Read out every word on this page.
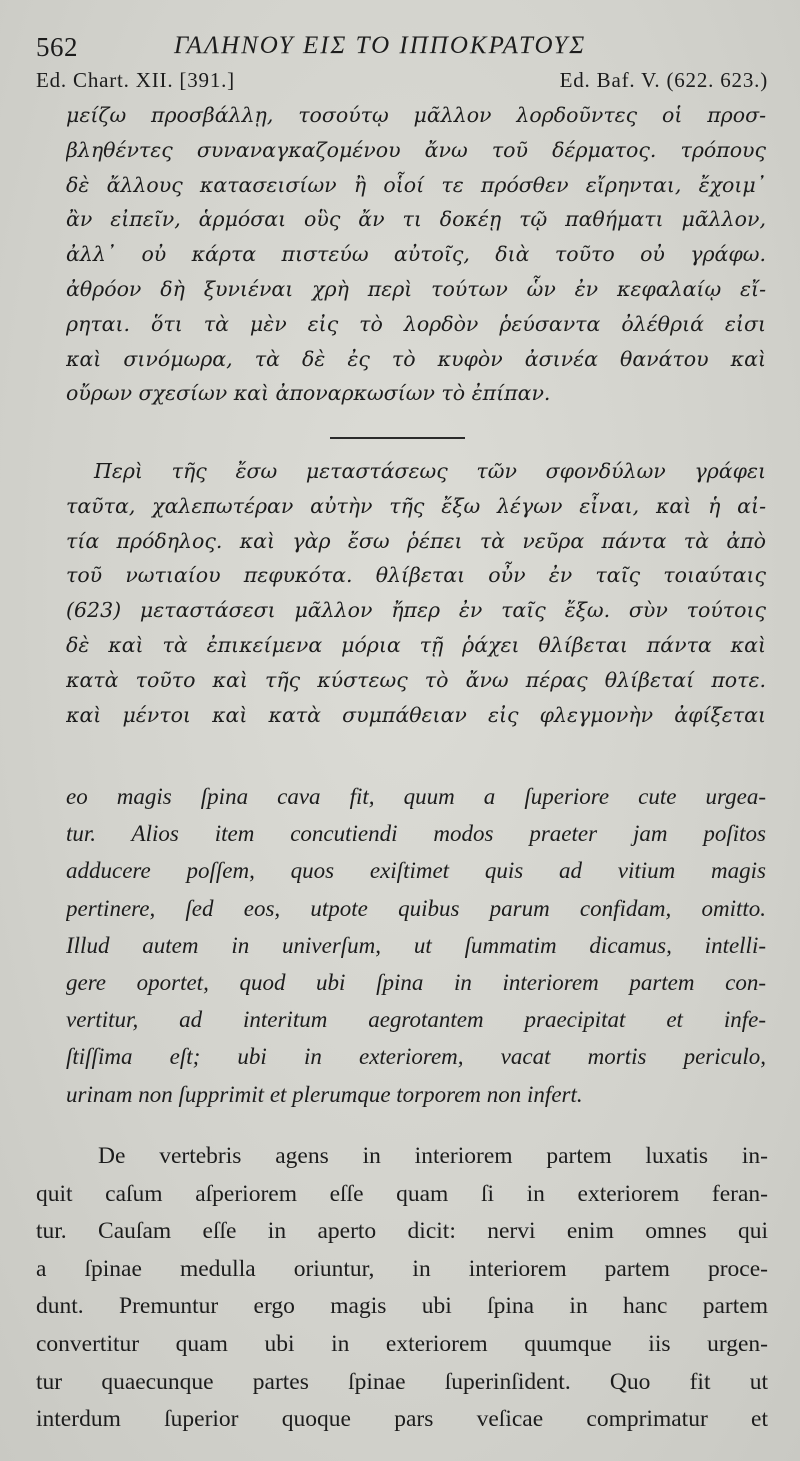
562	ΓΑΛΗΝΟΥ ΕΙΣ ΤΟ ΙΠΠΟΚΡΑΤΟΥΣ
Ed. Chart. XII. [391.]	Ed. Baf. V. (622. 623.)
μείζω προσβάλλῃ, τοσούτῳ μᾶλλον λορδοῦντες οἱ προσ-
βληθέντες συναναγκαζομένου ἄνω τοῦ δέρματος. τρόπους
δὲ ἄλλους κατασεισίων ἢ οἷοί τε πρόσθεν εἴρηνται, ἔχοιμ᾽
ἂν εἰπεῖν, ἁρμόσαι οὓς ἄν τι δοκέῃ τῷ παθήματι μᾶλλον,
ἀλλ᾽ οὐ κάρτα πιστεύω αὐτοῖς, διὰ τοῦτο οὐ γράφω.
ἀθρόον δὴ ξυνιέναι χρὴ περὶ τούτων ὧν ἐν κεφαλαίῳ εἴ-
ρηται. ὅτι τὰ μὲν εἰς τὸ λορδὸν ῥεύσαντα ὀλέθριά εἰσι
καὶ σινόμωρα, τὰ δὲ ἐς τὸ κυφὸν ἀσινέα θανάτου καὶ
οὔρων σχεσίων καὶ ἀποναρκωσίων τὸ ἐπίπαν.
Περὶ τῆς ἔσω μεταστάσεως τῶν σφονδύλων γράφει
ταῦτα, χαλεπωτέραν αὐτὴν τῆς ἔξω λέγων εἶναι, καὶ ἡ αἰ-
τία πρόδηλος. καὶ γὰρ ἔσω ῥέπει τὰ νεῦρα πάντα τὰ ἀπὸ
τοῦ νωτιαίου πεφυκότα. θλίβεται οὖν ἐν ταῖς τοιαύταις
(623) μεταστάσεσι μᾶλλον ἤπερ ἐν ταῖς ἔξω. σὺν τούτοις
δὲ καὶ τὰ ἐπικείμενα μόρια τῇ ῥάχει θλίβεται πάντα καὶ
κατὰ τοῦτο καὶ τῆς κύστεως τὸ ἄνω πέρας θλίβεταί ποτε.
καὶ μέντοι καὶ κατὰ συμπάθειαν εἰς φλεγμονὴν ἀφίξεται
eo magis ſpina cava fit, quum a ſuperiore cute urgea-
tur. Alios item concutiendi modos praeter jam poſitos
adducere poſſem, quos exiſtimet quis ad vitium magis
pertinere, ſed eos, utpote quibus parum confidam, omitto.
Illud autem in univerſum, ut ſummatim dicamus, intelli-
gere oportet, quod ubi ſpina in interiorem partem con-
vertitur, ad interitum aegrotantem praecipitat et infe-
ſtiſſima eſt; ubi in exteriorem, vacat mortis periculo,
urinam non ſupprimit et plerumque torporem non infert.
De vertebris agens in interiorem partem luxatis in-
quit caſum aſperiorem eſſe quam ſi in exteriorem feran-
tur. Cauſam eſſe in aperto dicit: nervi enim omnes qui
a ſpinae medulla oriuntur, in interiorem partem proce-
dunt. Premuntur ergo magis ubi ſpina in hanc partem
convertitur quam ubi in exteriorem quumque iis urgen-
tur quaecunque partes ſpinae ſuperinſident. Quo fit ut
interdum ſuperior quoque pars veſicae comprimatur et
